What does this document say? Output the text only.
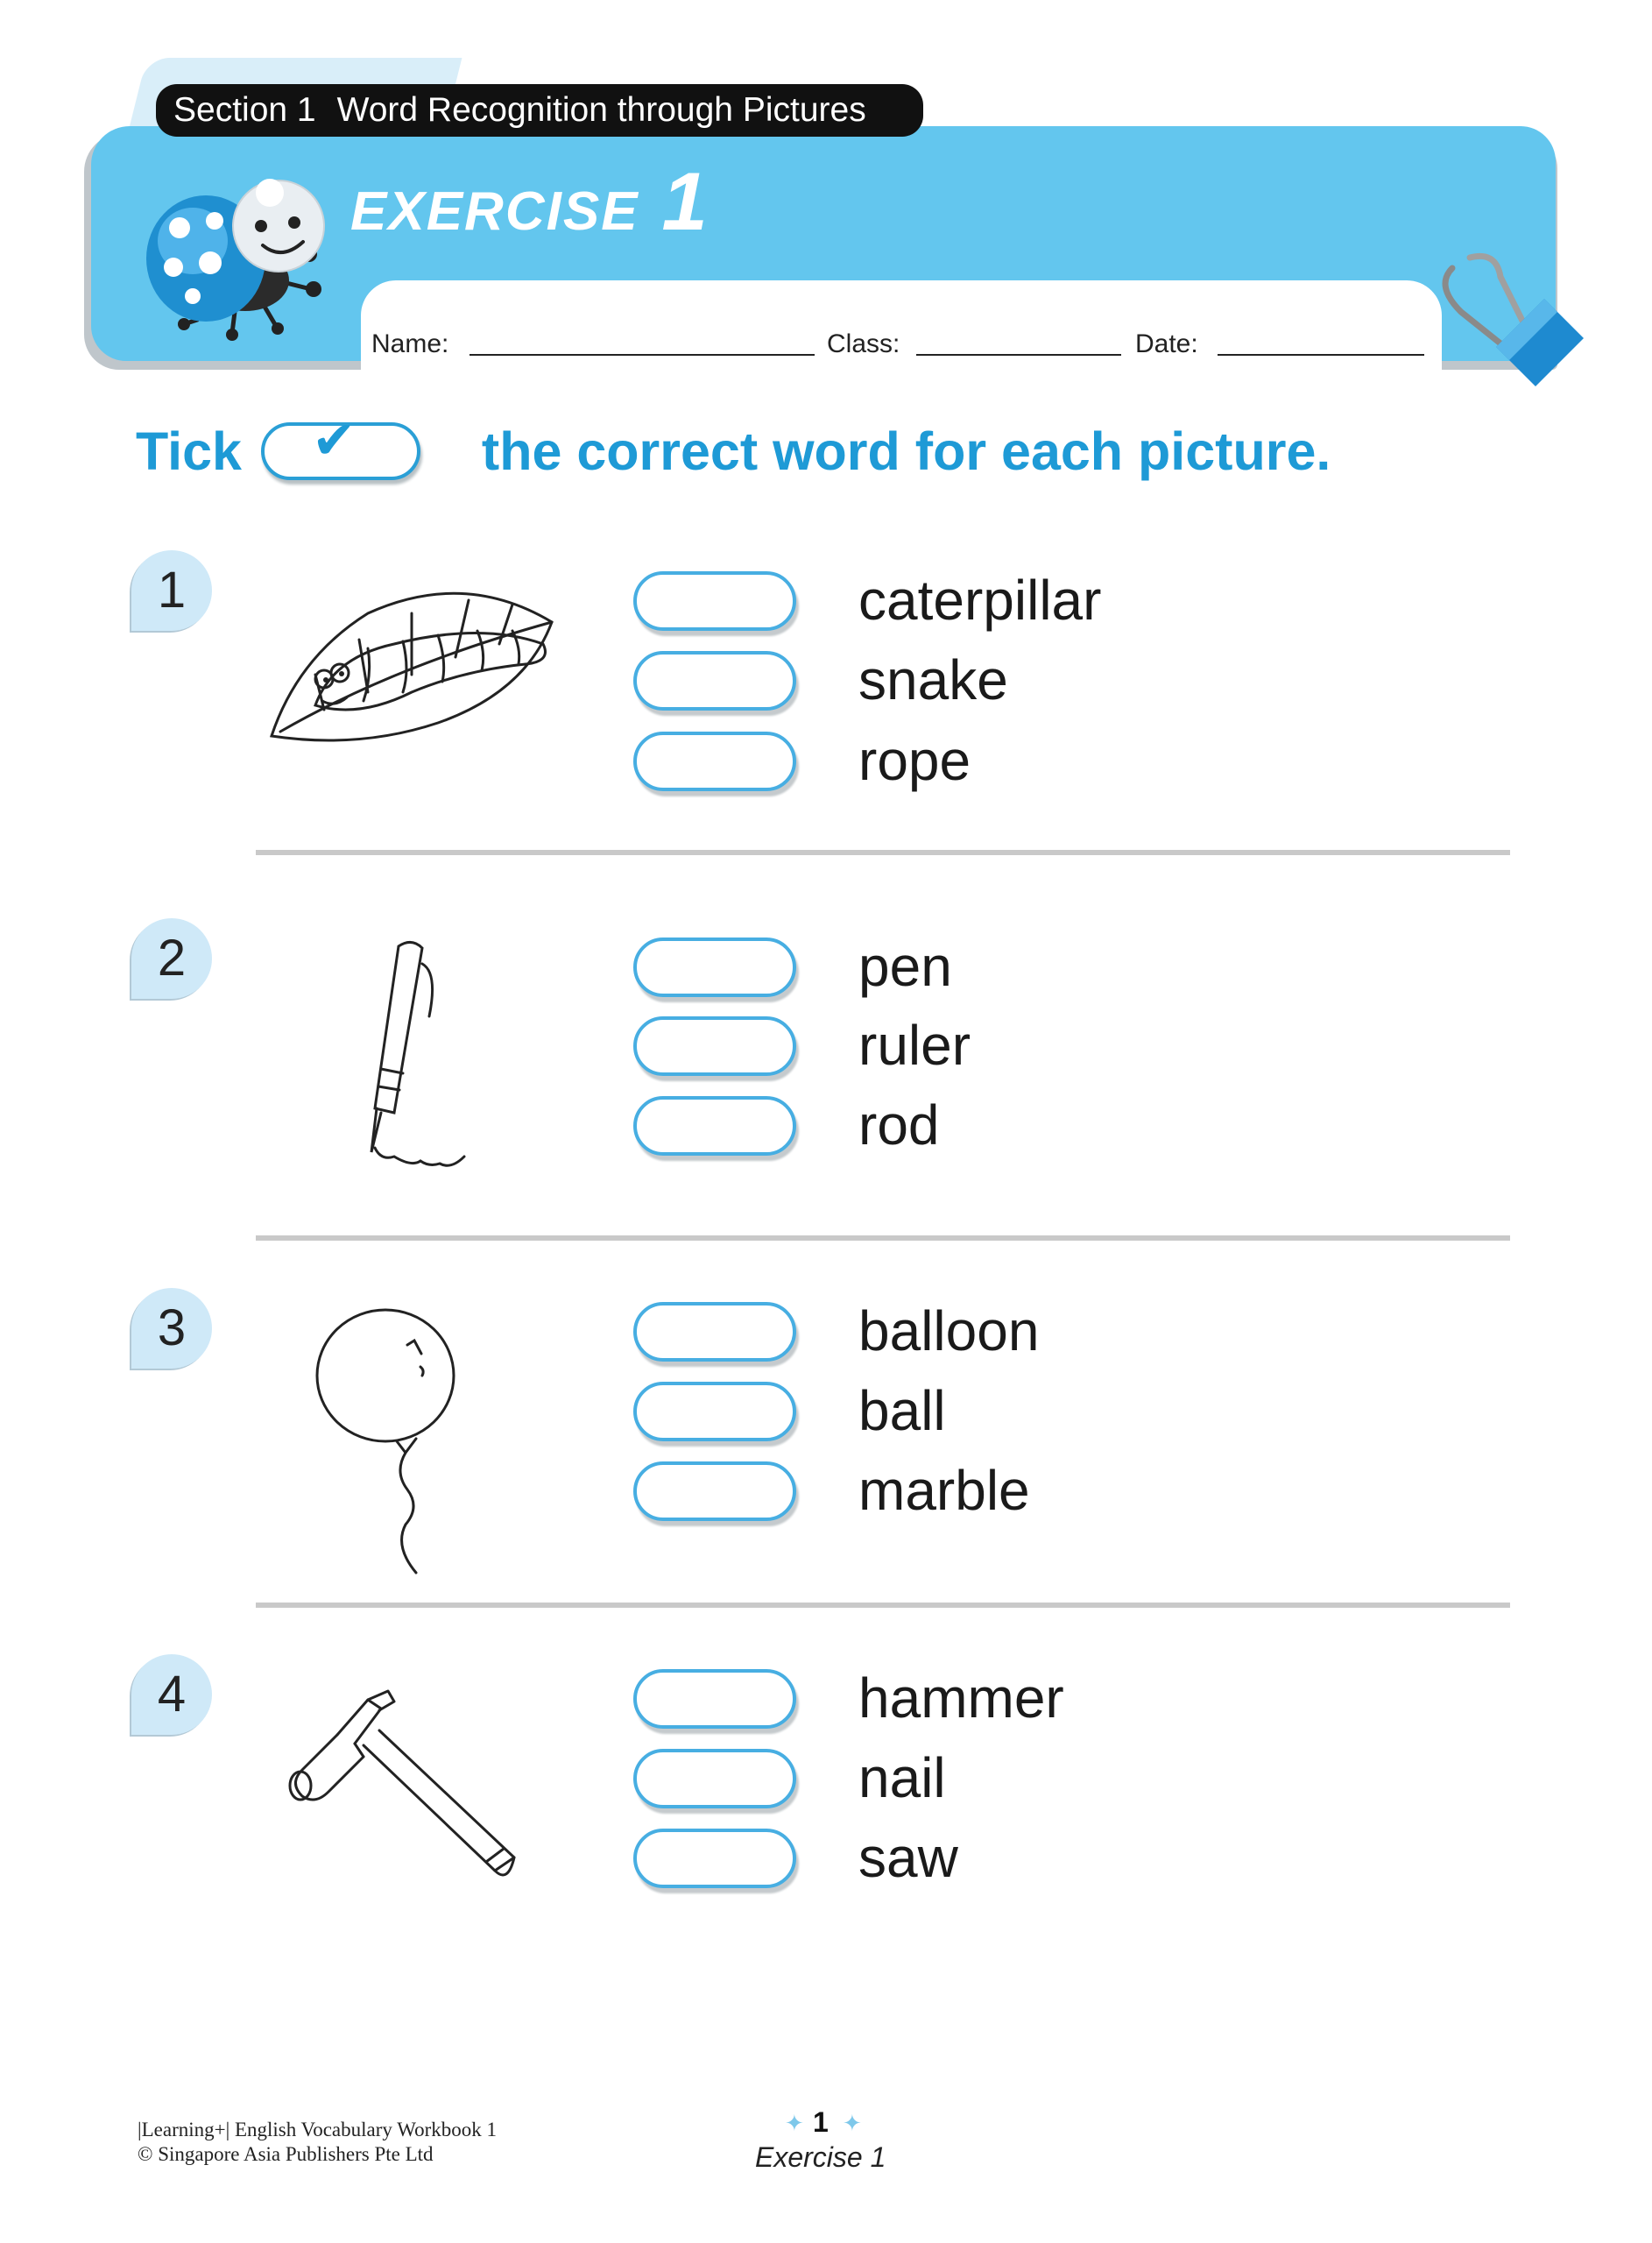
Section 1 Word Recognition through Pictures
EXERCISE 1
Name:	Class:	Date:
Tick	the correct word for each picture.
✔
1	caterpillar
snake
rope
2	pen
ruler
rod
3	balloon
ball
marble
4	hammer
nail
saw
|Learning+| English Vocabulary Workbook 1
© Singapore Asia Publishers Pte Ltd
✦ 1 ✦
Exercise 1
